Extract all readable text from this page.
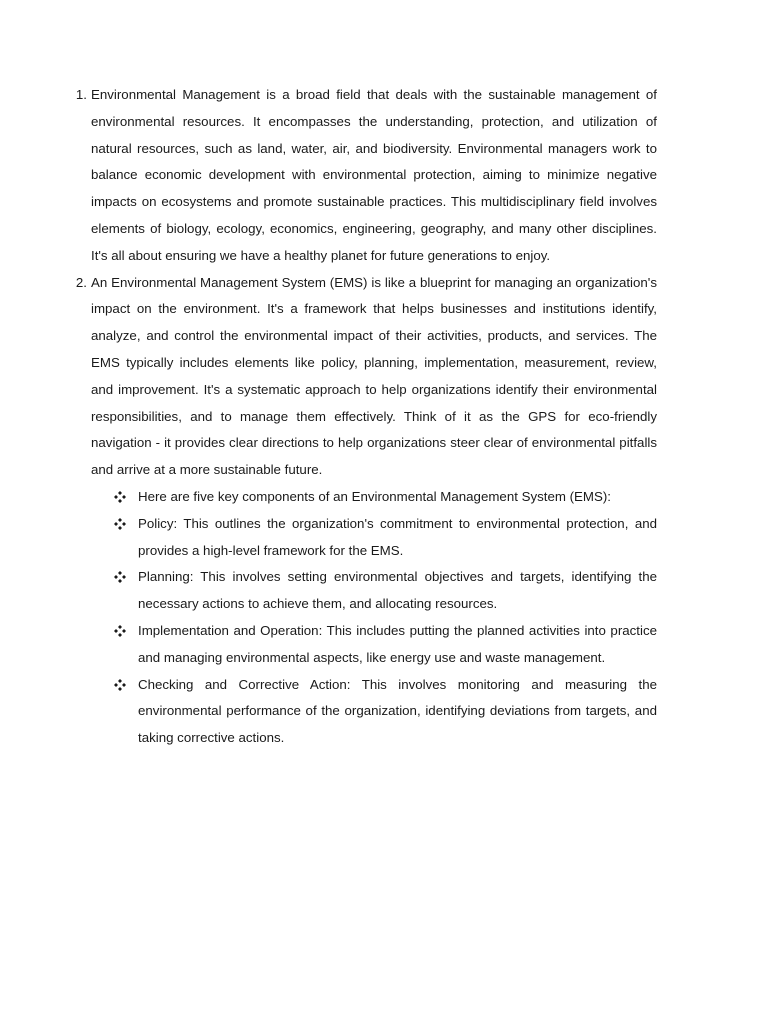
1. Environmental Management is a broad field that deals with the sustainable management of environmental resources. It encompasses the understanding, protection, and utilization of natural resources, such as land, water, air, and biodiversity. Environmental managers work to balance economic development with environmental protection, aiming to minimize negative impacts on ecosystems and promote sustainable practices. This multidisciplinary field involves elements of biology, ecology, economics, engineering, geography, and many other disciplines. It's all about ensuring we have a healthy planet for future generations to enjoy.
2. An Environmental Management System (EMS) is like a blueprint for managing an organization's impact on the environment. It's a framework that helps businesses and institutions identify, analyze, and control the environmental impact of their activities, products, and services. The EMS typically includes elements like policy, planning, implementation, measurement, review, and improvement. It's a systematic approach to help organizations identify their environmental responsibilities, and to manage them effectively. Think of it as the GPS for eco-friendly navigation - it provides clear directions to help organizations steer clear of environmental pitfalls and arrive at a more sustainable future.
Here are five key components of an Environmental Management System (EMS):
Policy: This outlines the organization's commitment to environmental protection, and provides a high-level framework for the EMS.
Planning: This involves setting environmental objectives and targets, identifying the necessary actions to achieve them, and allocating resources.
Implementation and Operation: This includes putting the planned activities into practice and managing environmental aspects, like energy use and waste management.
Checking and Corrective Action: This involves monitoring and measuring the environmental performance of the organization, identifying deviations from targets, and taking corrective actions.
